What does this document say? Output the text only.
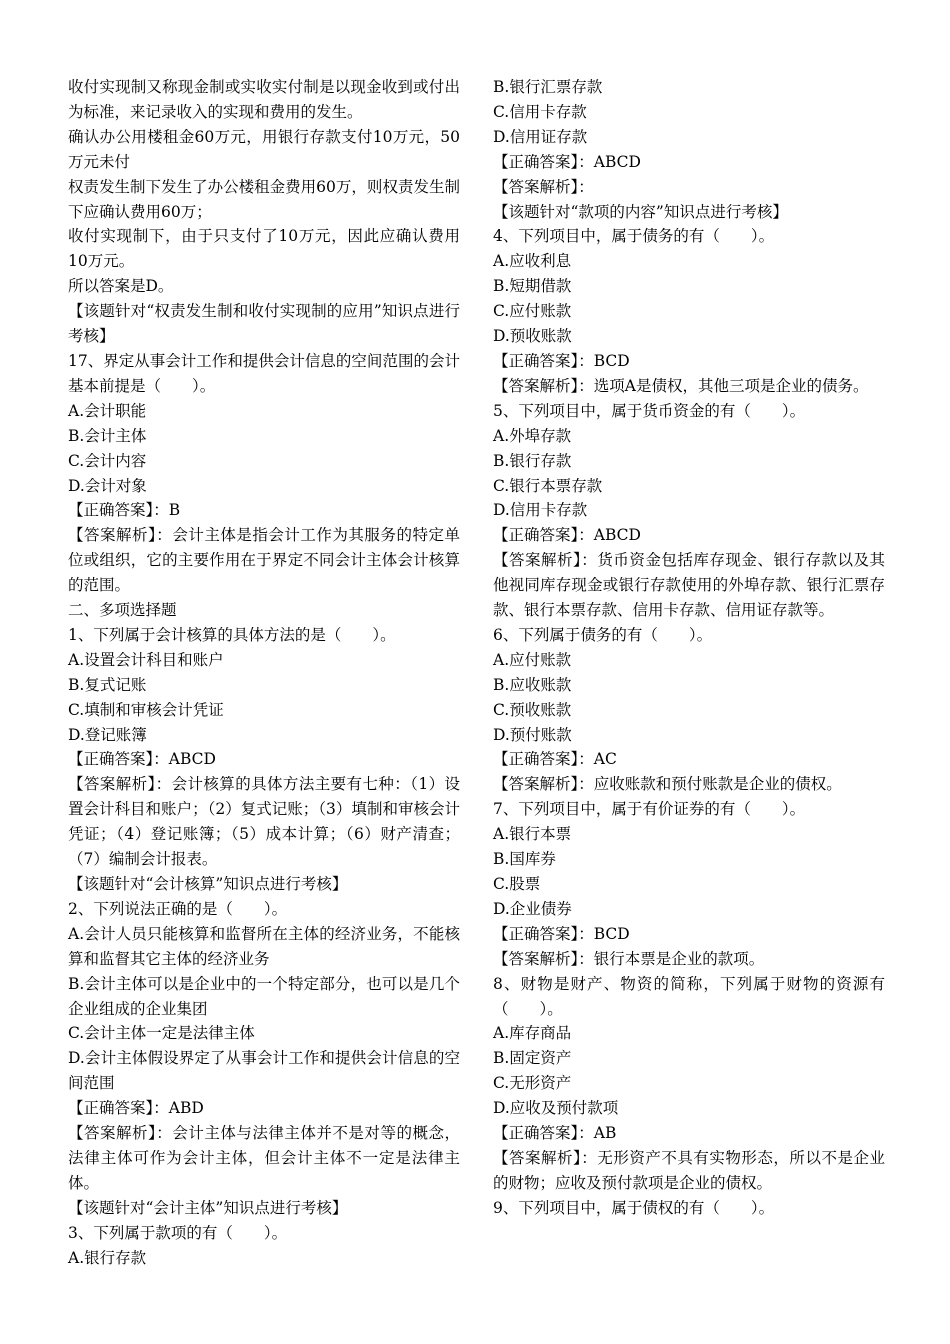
收付实现制又称现金制或实收实付制是以现金收到或付出为标准，来记录收入的实现和费用的发生。

确认办公用楼租金60万元，用银行存款支付10万元，50万元未付

权责发生制下发生了办公楼租金费用60万，则权责发生制下应确认费用60万；

收付实现制下，由于只支付了10万元，因此应确认费用10万元。

所以答案是D。

【该题针对“权责发生制和收付实现制的应用”知识点进行考核】

17、界定从事会计工作和提供会计信息的空间范围的会计基本前提是（　　）。

A.会计职能

B.会计主体

C.会计内容

D.会计对象

【正确答案】：B

【答案解析】：会计主体是指会计工作为其服务的特定单位或组织，它的主要作用在于界定不同会计主体会计核算的范围。

二、多项选择题

1、下列属于会计核算的具体方法的是（　　）。

A.设置会计科目和账户

B.复式记账

C.填制和审核会计凭证

D.登记账簿

【正确答案】：ABCD

【答案解析】：会计核算的具体方法主要有七种：（1）设置会计科目和账户；（2）复式记账；（3）填制和审核会计凭证；（4）登记账簿；（5）成本计算；（6）财产清查；（7）编制会计报表。

【该题针对“会计核算”知识点进行考核】

2、下列说法正确的是（　　）。

A.会计人员只能核算和监督所在主体的经济业务，不能核算和监督其它主体的经济业务

B.会计主体可以是企业中的一个特定部分，也可以是几个企业组成的企业集团

C.会计主体一定是法律主体

D.会计主体假设界定了从事会计工作和提供会计信息的空间范围

【正确答案】：ABD

【答案解析】：会计主体与法律主体并不是对等的概念，法律主体可作为会计主体，但会计主体不一定是法律主体。

【该题针对“会计主体”知识点进行考核】

3、下列属于款项的有（　　）。

A.银行存款

B.银行汇票存款

C.信用卡存款

D.信用证存款

【正确答案】：ABCD

【答案解析】：

【该题针对“款项的内容”知识点进行考核】

4、下列项目中，属于债务的有（　　）。

A.应收利息

B.短期借款

C.应付账款

D.预收账款

【正确答案】：BCD

【答案解析】：选项A是债权，其他三项是企业的债务。

5、下列项目中，属于货币资金的有（　　）。

A.外埠存款

B.银行存款

C.银行本票存款

D.信用卡存款

【正确答案】：ABCD

【答案解析】：货币资金包括库存现金、银行存款以及其他视同库存现金或银行存款使用的外埠存款、银行汇票存款、银行本票存款、信用卡存款、信用证存款等。

6、下列属于债务的有（　　）。

A.应付账款

B.应收账款

C.预收账款

D.预付账款

【正确答案】：AC

【答案解析】：应收账款和预付账款是企业的债权。

7、下列项目中，属于有价证券的有（　　）。

A.银行本票

B.国库券

C.股票

D.企业债券

【正确答案】：BCD

【答案解析】：银行本票是企业的款项。

8、财物是财产、物资的简称，下列属于财物的资源有（　　）。

A.库存商品

B.固定资产

C.无形资产

D.应收及预付款项

【正确答案】：AB

【答案解析】：无形资产不具有实物形态，所以不是企业的财物；应收及预付款项是企业的债权。

9、下列项目中，属于债权的有（　　）。
